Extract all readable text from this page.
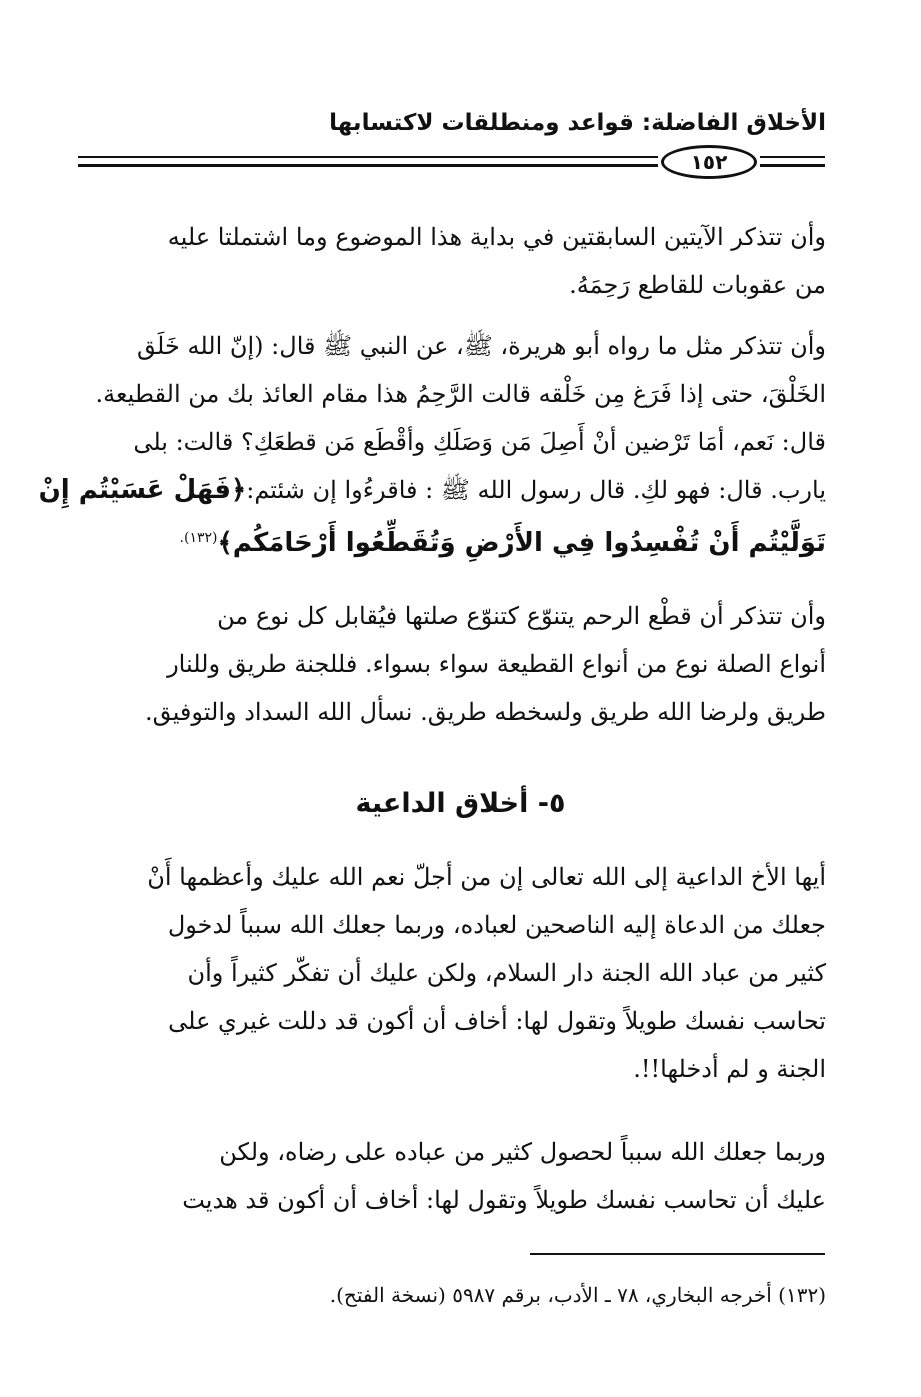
الأخلاق الفاضلة: قواعد ومنطلقات لاكتسابها
١٥٢
وأن تتذكر الآيتين السابقتين في بداية هذا الموضوع وما اشتملتا عليه
من عقوبات للقاطع رَحِمَهُ.
وأن تتذكر مثل ما رواه أبو هريرة، ﷺ، عن النبي ﷺ قال: (إنّ الله خَلَق
الخَلْقَ، حتى إذا فَرَغ مِن خَلْقه قالت الرَّحِمُ هذا مقام العائذ بك من القطيعة.
قال: نَعم، أمَا تَرْضين أنْ أَصِلَ مَن وَصَلَكِ وأقْطَع مَن قطعَكِ؟ قالت: بلى
يارب. قال: فهو لكِ. قال رسول الله ﷺ : فاقرءُوا إن شئتم:﴿فَهَلْ عَسَيْتُم إِنْ
تَوَلَّيْتُم أَنْ تُفْسِدُوا فِي الأَرْضِ وَتُقَطِّعُوا أَرْحَامَكُم﴾$^{(١٣٢).}$
وأن تتذكر أن قطْع الرحم يتنوّع كتنوّع صلتها فيُقابل كل نوع من
أنواع الصلة نوع من أنواع القطيعة سواء بسواء. فللجنة طريق وللنار
طريق ولرضا الله طريق ولسخطه طريق. نسأل الله السداد والتوفيق.
٥- أخلاق الداعية
أيها الأخ الداعية إلى الله تعالى إن من أجلّ نعم الله عليك وأعظمها أَنْ
جعلك من الدعاة إليه الناصحين لعباده، وربما جعلك الله سبباً لدخول
كثير من عباد الله الجنة دار السلام، ولكن عليك أن تفكّر كثيراً وأن
تحاسب نفسك طويلاً وتقول لها: أخاف أن أكون قد دللت غيري على
الجنة و لم أدخلها!!.
وربما جعلك الله سبباً لحصول كثير من عباده على رضاه، ولكن
عليك أن تحاسب نفسك طويلاً وتقول لها: أخاف أن أكون قد هديت
(١٣٢) أخرجه البخاري، ٧٨ ـ الأدب، برقم ٥٩٨٧ (نسخة الفتح).
